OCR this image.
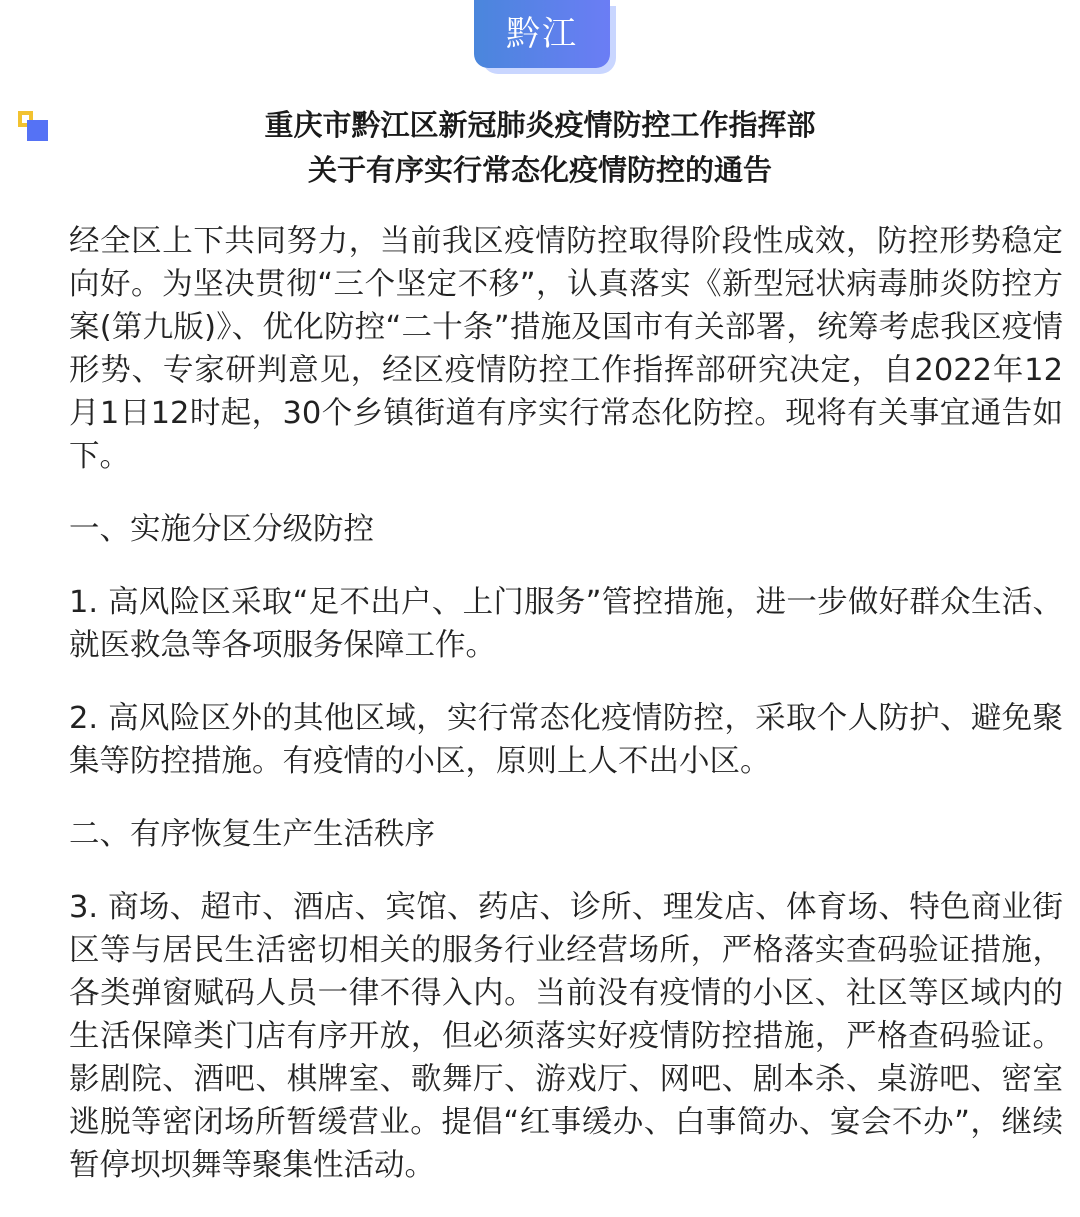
黔江
重庆市黔江区新冠肺炎疫情防控工作指挥部
关于有序实行常态化疫情防控的通告

经全区上下共同努力，当前我区疫情防控取得阶段性成效，防控形势稳定向好。为坚决贯彻“三个坚定不移”，认真落实《新型冠状病毒肺炎防控方案(第九版)》、优化防控“二十条”措施及国市有关部署，统筹考虑我区疫情形势、专家研判意见，经区疫情防控工作指挥部研究决定，自2022年12月1日12时起，30个乡镇街道有序实行常态化防控。现将有关事宜通告如下。

一、实施分区分级防控

1. 高风险区采取“足不出户、上门服务”管控措施，进一步做好群众生活、就医救急等各项服务保障工作。

2. 高风险区外的其他区域，实行常态化疫情防控，采取个人防护、避免聚集等防控措施。有疫情的小区，原则上人不出小区。

二、有序恢复生产生活秩序

3. 商场、超市、酒店、宾馆、药店、诊所、理发店、体育场、特色商业街区等与居民生活密切相关的服务行业经营场所，严格落实查码验证措施，各类弹窗赋码人员一律不得入内。当前没有疫情的小区、社区等区域内的生活保障类门店有序开放，但必须落实好疫情防控措施，严格查码验证。影剧院、酒吧、棋牌室、歌舞厅、游戏厅、网吧、剧本杀、桌游吧、密室逃脱等密闭场所暂缓营业。提倡“红事缓办、白事简办、宴会不办”，继续暂停坝坝舞等聚集性活动。
